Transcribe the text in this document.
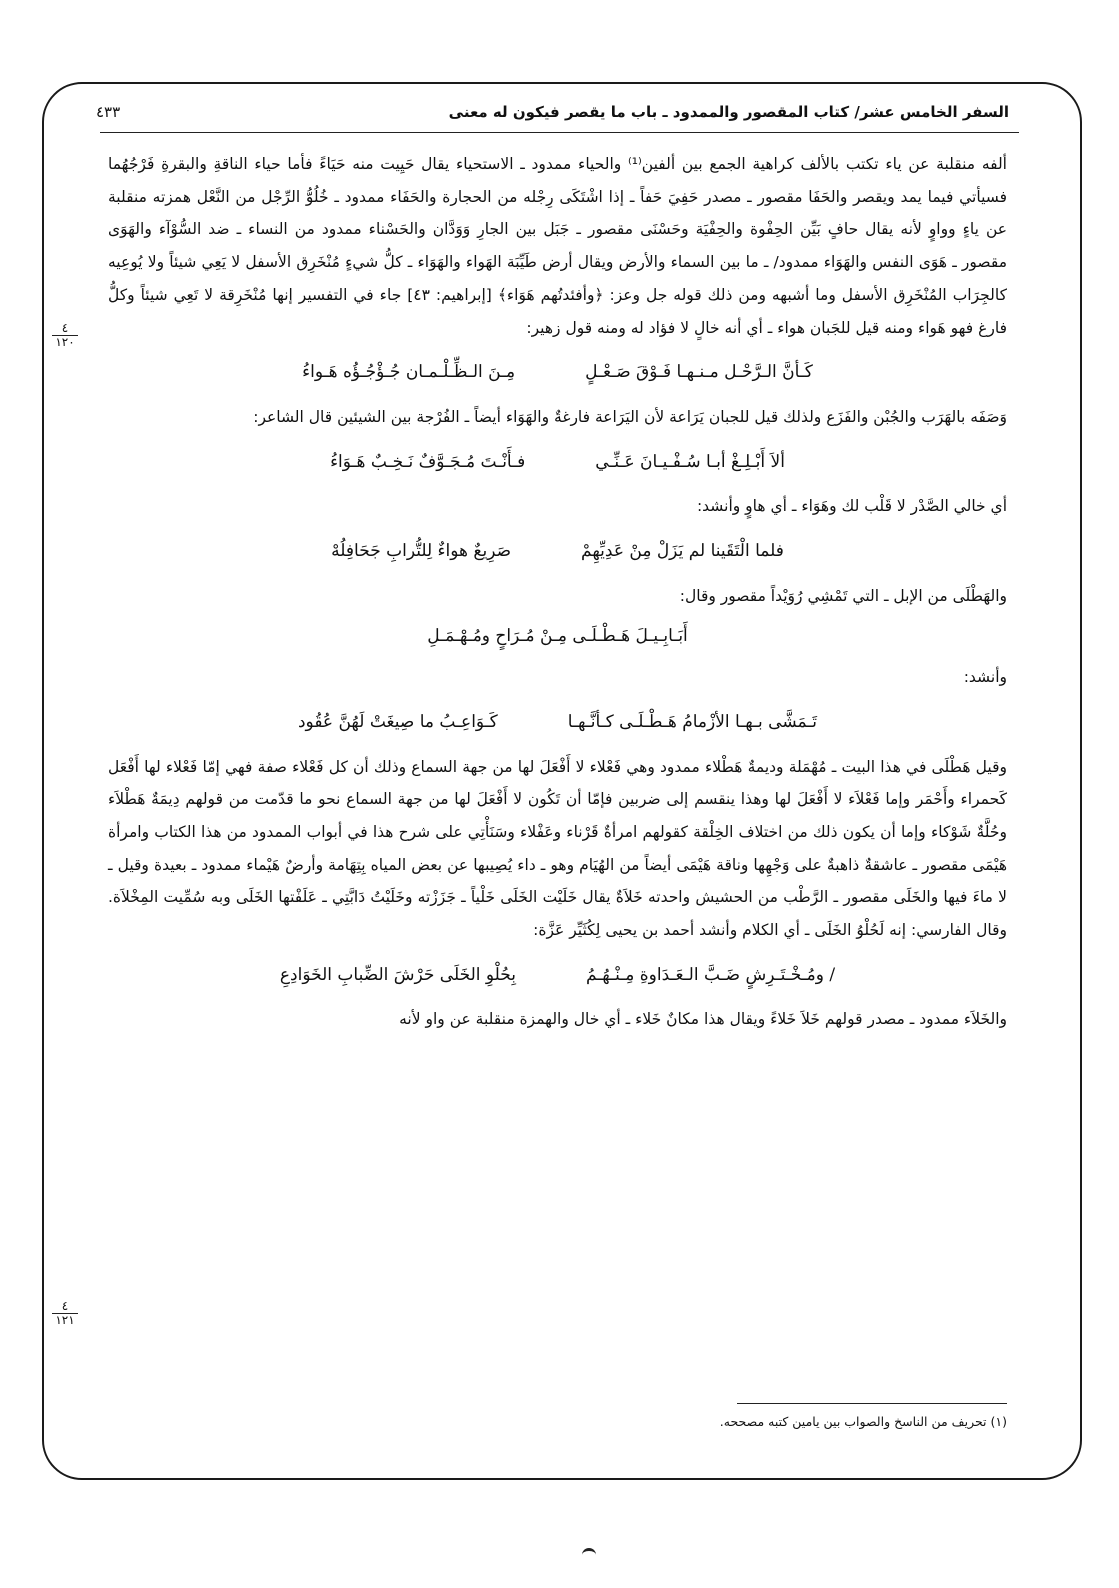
٤٣٣	السفر الخامس عشر/ كتاب المقصور والممدود ـ باب ما يقصر فيكون له معنى
٤
١٢٠
٤
١٢١

ألفه منقلبة عن ياء تكتب بالألف كراهية الجمع بين ألفين⁽¹⁾ والحياء ممدود ـ الاستحياء يقال حَيِيت منه حَيَاءً فأما حياء الناقةِ والبقرةِ فَرْجُهُما فسيأتي فيما يمد ويقصر والحَفَا مقصور ـ مصدر حَفِيَ حَفاً ـ إذا اشْتَكَى رِجْله من الحجارة والحَفَاء ممدود ـ خُلُوُّ الرِّجْل من النَّعْل همزته منقلبة عن ياءٍ وواوٍ لأنه يقال حافٍ بَيِّن الحِفْوة والحِفْيَة وحَسْنَى مقصور ـ جَبَل بين الجارِ وَوَدَّان والحَسْناء ممدود من النساء ـ ضد السُّوْآء والهَوَى مقصور ـ هَوَى النفس والهَوَاء ممدود/ ـ ما بين السماء والأرض ويقال أرض طَيِّبَة الهَواء والهَوَاء ـ كلُّ شيءٍ مُنْخَرِق الأسفل لا يَعِي شيئاً ولا يُوعِيه كالجِرَاب المُنْخَرِق الأسفل وما أشبهه ومن ذلك قوله جل وعز: ﴿وأفئدتُهم هَوَاء﴾ [إبراهيم: ٤٣] جاء في التفسير إنها مُنْخَرِقة لا تَعِي شيئاً وكلُّ فارغ فهو هَواء ومنه قيل للجَبان هواء ـ أي أنه خالٍ لا فؤاد له ومنه قول زهير:

كَـأنَّ الـرَّحْـل مـنـهـا فَـوْقَ صَـعْـلٍ
مِـنَ الـظِّـلْـمـان جُـؤْجُـؤُه هَـواءُ

وَصَفَه بالهَرَب والجُبْن والفَزَع ولذلك قيل للجبان يَرَاعة لأن اليَرَاعة فارغةٌ والهَوَاء أيضاً ـ الفُرْجة بين الشيئين قال الشاعر:

ألاَ أَبْـلِـغْ أبـا سُـفْـيـانَ عَـنِّـي
فـأَنْـتَ مُـجَـوَّفٌ نَـخِـبٌ هَـوَاءُ

أي خالي الصَّدْر لا قَلْب لك وهَوَاء ـ أي هاوٍ وأنشد:

فلما الْتَقَينا لم يَزَلْ مِنْ عَدِيِّهِمْ
صَرِيعٌ هواءٌ لِلتُّرابِ جَحَافِلُهْ

والهَطْلَى من الإبل ـ التي تَمْشِي رُوَيْداً مقصور وقال:

أَبَـابِـيـلَ هَـطْـلَـى مِـنْ مُـرَاحٍ ومُـهْـمَـلِ

وأنشد:

تَـمَشَّى بـهـا الأزْمامُ هَـطْـلَـى كـأنَّـهـا
كَـوَاعِـبُ ما صِيغَتْ لَهُنَّ عُقُود

وقيل هَطْلَى في هذا البيت ـ مُهْمَلة وديمةٌ هَطْلاء ممدود وهي فَعْلاء لا أَفْعَلَ لها من جهة السماع وذلك أن كل فَعْلاء صفة فهي إمّا فَعْلاء لها أَفْعَل كَحمراء وأَحْمَر وإما فَعْلاَء لا أَفْعَلَ لها وهذا ينقسم إلى ضربين فإمّا أن تَكُون لا أَفْعَلَ لها من جهة السماع نحو ما قدّمت من قولهم دِيمَةٌ هَطْلاَء وحُلَّةٌ شَوْكاء وإما أن يكون ذلك من اختلاف الخِلْقة كقولهم امرأةٌ قَرْناء وعَفْلاء وسَنَأْتِي على شرح هذا في أبواب الممدود من هذا الكتاب وامرأة هَيْمَى مقصور ـ عاشقةٌ ذاهبةٌ على وَجْهِها وناقة هَيْمَى أيضاً من الهُيَام وهو ـ داء يُصِيبها عن بعض المياه بِتِهَامة وأرضٌ هَيْماء ممدود ـ بعيدة وقيل ـ لا ماءَ فيها والخَلَى مقصور ـ الرَّطْب من الحشيش واحدته خَلاَةٌ يقال خَلَيْت الخَلَى خَلْياً ـ جَزَزْته وخَلَيْتُ دَابَّتِي ـ عَلَفْتها الخَلَى وبه سُمِّيت المِخْلاَة. وقال الفارسي: إنه لَحُلْوُ الخَلَى ـ أي الكلام وأنشد أحمد بن يحيى لِكُثَيِّر عَزَّة:

/ ومُـخْـتَـرِشٍ ضَـبَّ الـعَـدَاوةِ مِـنْـهُـمُ
بِحُلْوِ الخَلَى حَرْشَ الضِّبابِ الخَوَادِعِ

والخَلاَء ممدود ـ مصدر قولهم خَلاَ خَلاءً ويقال هذا مكانٌ خَلاء ـ أي خال والهمزة منقلبة عن واو لأنه

(١) تحريف من الناسخ والصواب بين يامين كتبه مصححه.
